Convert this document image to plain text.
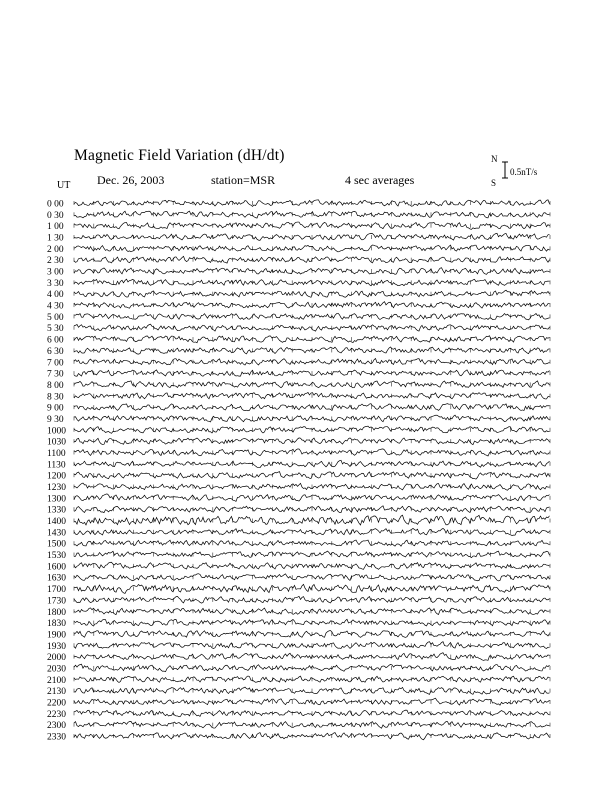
Magnetic Field Variation (dH/dt)
Dec. 26, 2003	station=MSR	4 sec averages
UT
N
S
0.5nT/s
0 00
0 30
1 00
1 30
2 00
2 30
3 00
3 30
4 00
4 30
5 00
5 30
6 00
6 30
7 00
7 30
8 00
8 30
9 00
9 30
1000
1030
1100
1130
1200
1230
1300
1330
1400
1430
1500
1530
1600
1630
1700
1730
1800
1830
1900
1930
2000
2030
2100
2130
2200
2230
2300
2330
